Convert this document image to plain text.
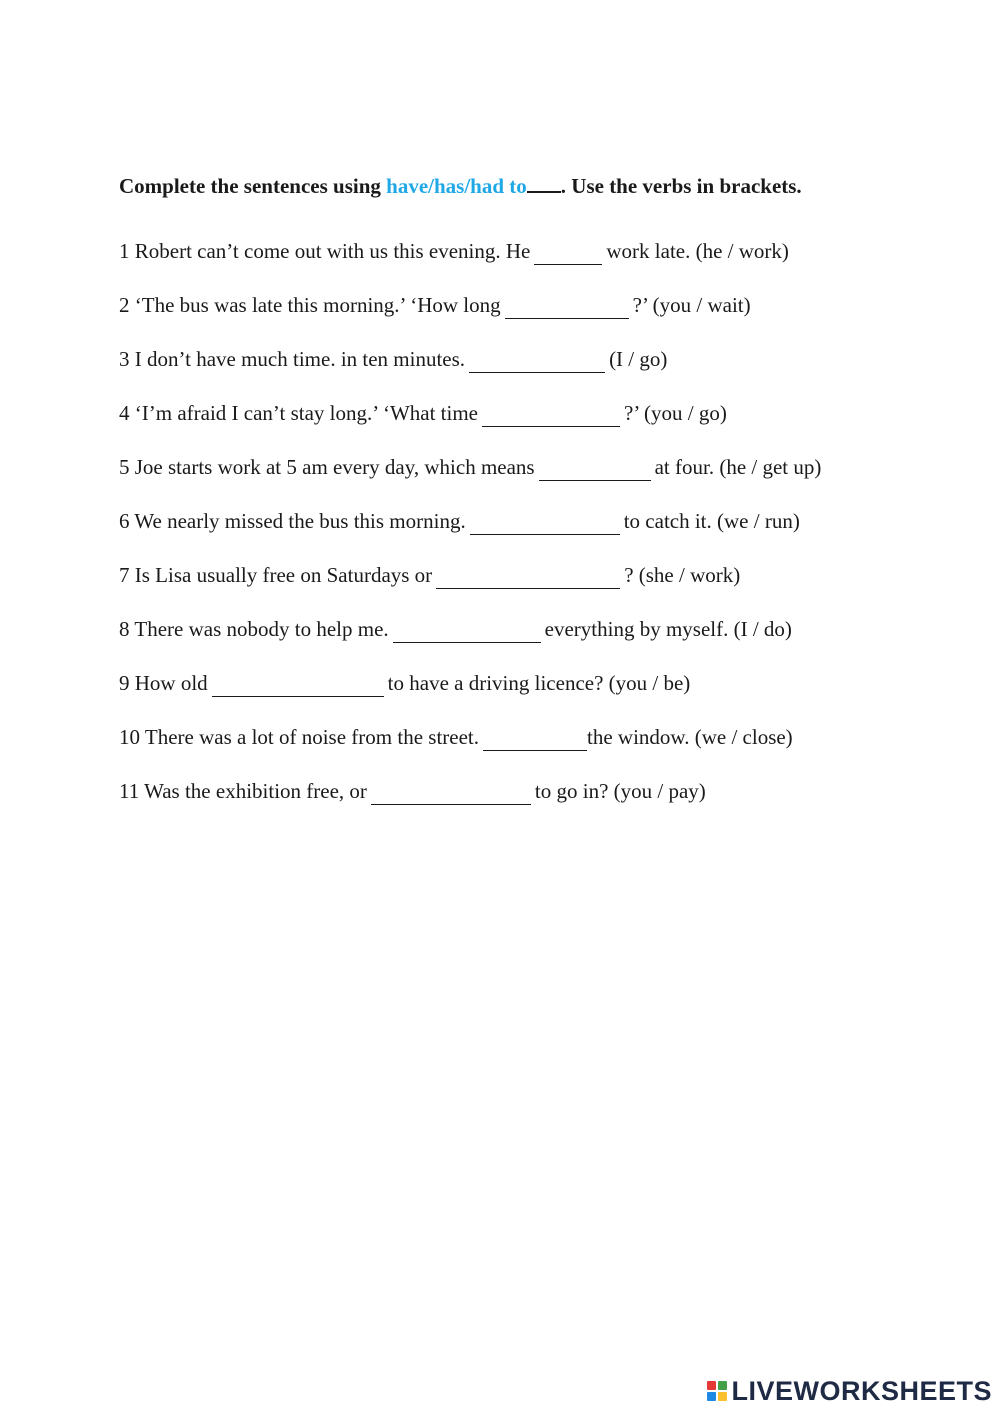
Complete the sentences using have/has/had to . Use the verbs in brackets.

1 Robert can’t come out with us this evening. He	work late. (he / work)
2 ‘The bus was late this morning.’ ‘How long	?’ (you / wait)
3 I don’t have much time. in ten minutes.	(I / go)
4 ‘I’m afraid I can’t stay long.’ ‘What time	?’ (you / go)
5 Joe starts work at 5 am every day, which means	at four. (he / get up)
6 We nearly missed the bus this morning.	to catch it. (we / run)
7 Is Lisa usually free on Saturdays or	? (she / work)
8 There was nobody to help me.	everything by myself. (I / do)
9 How old	to have a driving licence? (you / be)
10 There was a lot of noise from the street.	the window. (we / close)
11 Was the exhibition free, or	to go in? (you / pay)
LIVEWORKSHEETS
